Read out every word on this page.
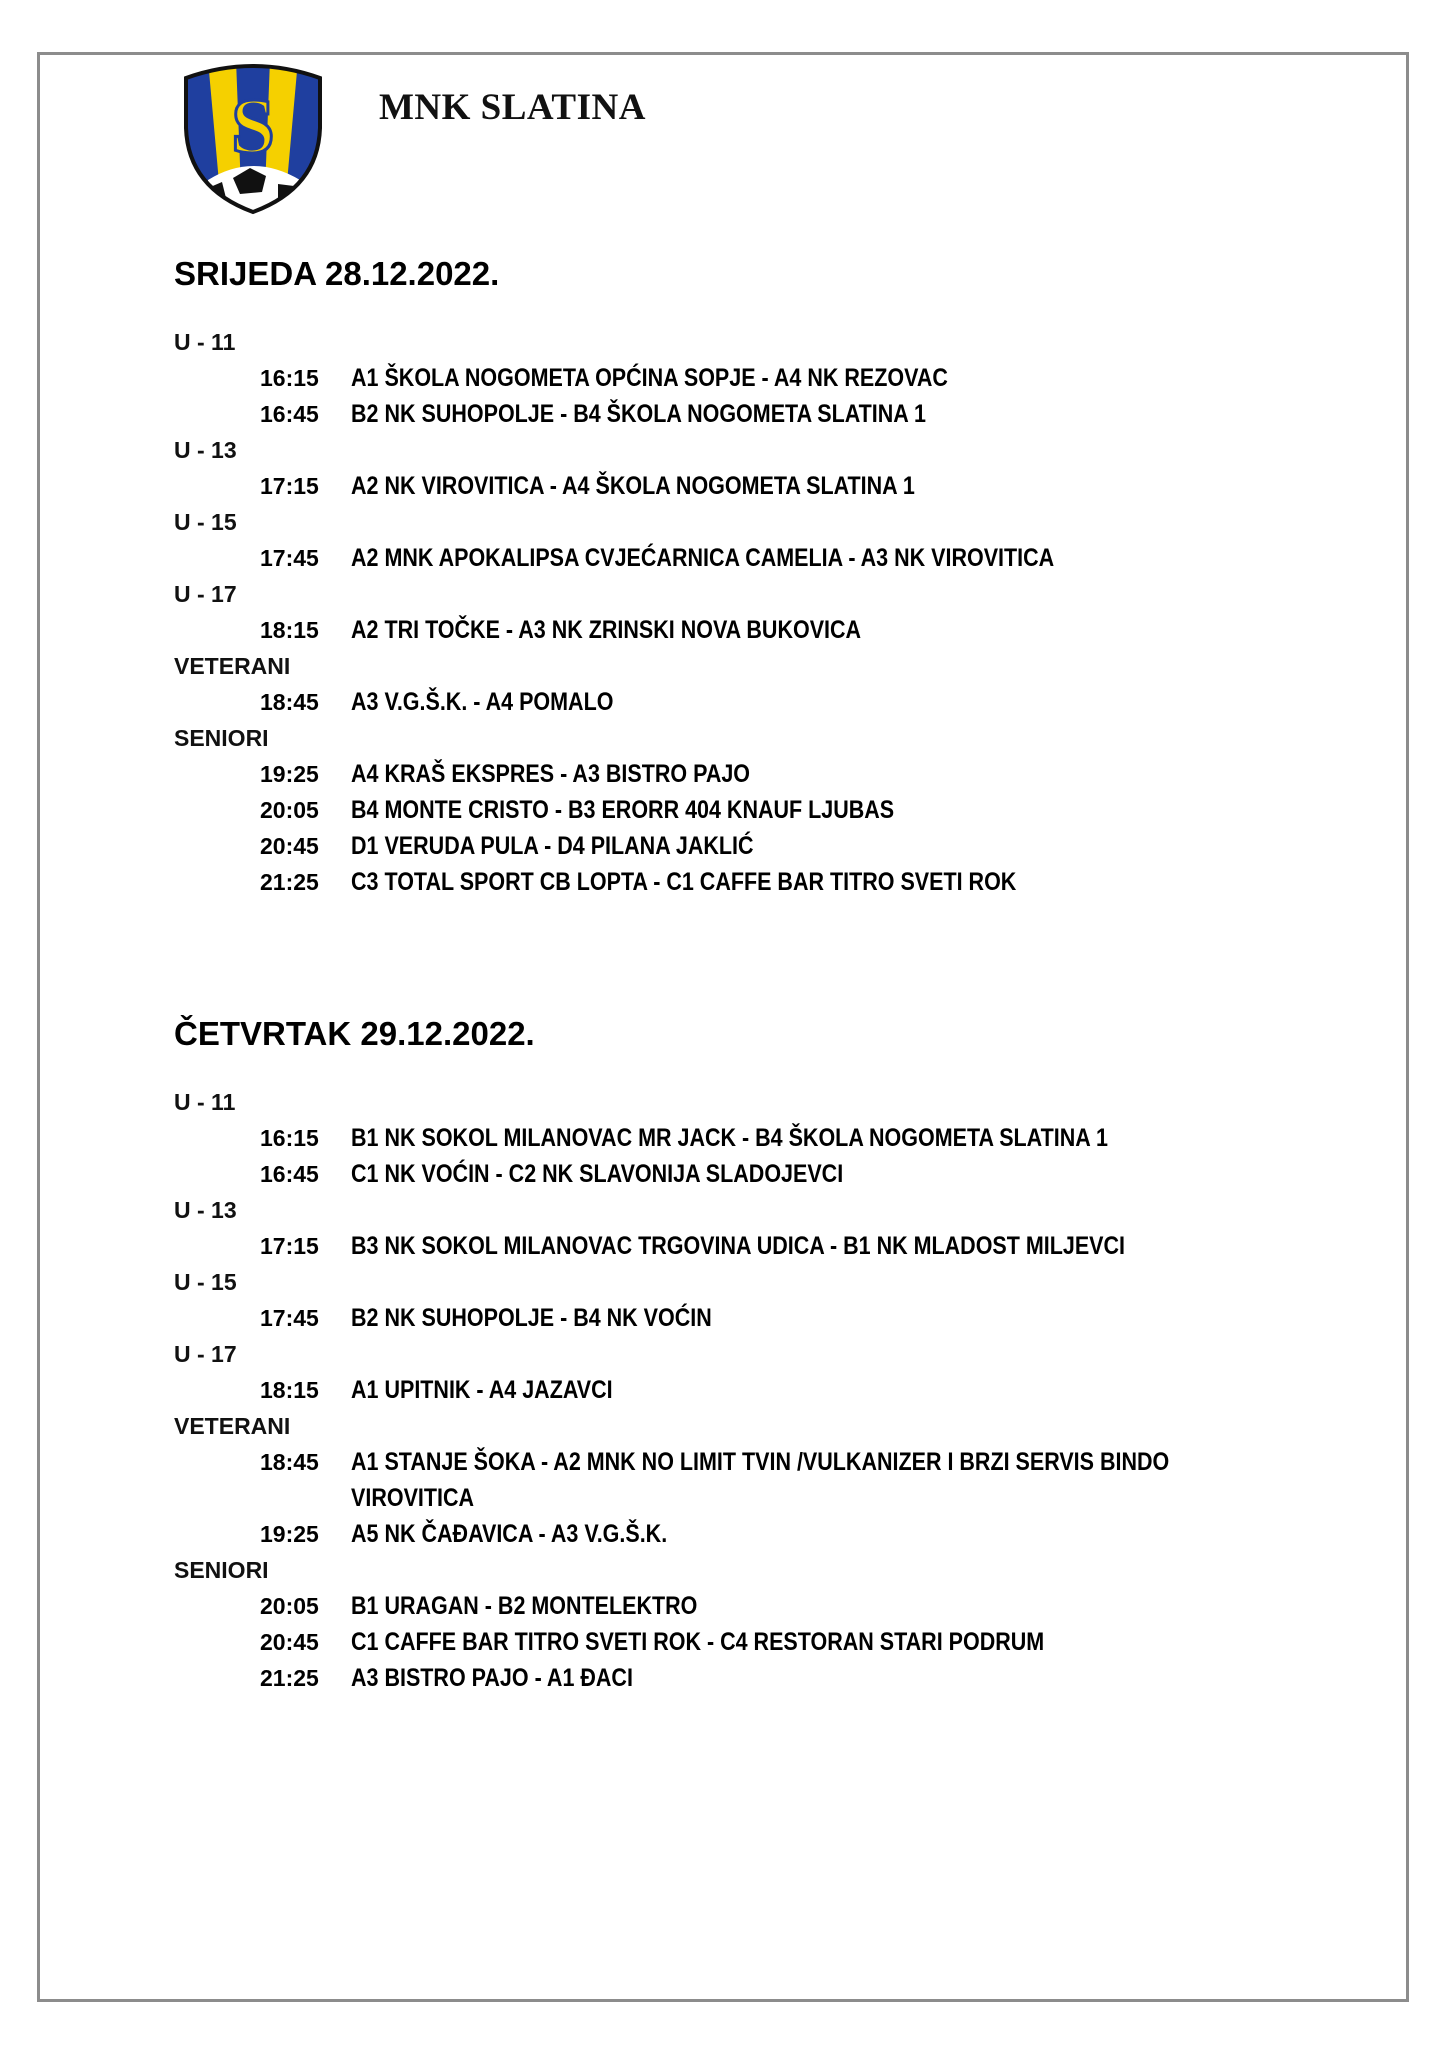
S	MNK SLATINA
SRIJEDA 28.12.2022.
U - 11
16:15	A1 ŠKOLA NOGOMETA OPĆINA SOPJE - A4 NK REZOVAC
16:45	B2 NK SUHOPOLJE - B4 ŠKOLA NOGOMETA SLATINA 1
U - 13
17:15	A2 NK VIROVITICA - A4 ŠKOLA NOGOMETA SLATINA 1
U - 15
17:45	A2 MNK APOKALIPSA CVJEĆARNICA CAMELIA - A3 NK VIROVITICA
U - 17
18:15	A2 TRI TOČKE - A3 NK ZRINSKI NOVA BUKOVICA
VETERANI
18:45	A3 V.G.Š.K. - A4 POMALO
SENIORI
19:25	A4 KRAŠ EKSPRES - A3 BISTRO PAJO
20:05	B4 MONTE CRISTO - B3 ERORR 404 KNAUF LJUBAS
20:45	D1 VERUDA PULA - D4 PILANA JAKLIĆ
21:25	C3 TOTAL SPORT CB LOPTA - C1 CAFFE BAR TITRO SVETI ROK
ČETVRTAK 29.12.2022.
U - 11
16:15	B1 NK SOKOL MILANOVAC MR JACK - B4 ŠKOLA NOGOMETA SLATINA 1
16:45	C1 NK VOĆIN - C2 NK SLAVONIJA SLADOJEVCI
U - 13
17:15	B3 NK SOKOL MILANOVAC TRGOVINA UDICA - B1 NK MLADOST MILJEVCI
U - 15
17:45	B2 NK SUHOPOLJE - B4 NK VOĆIN
U - 17
18:15	A1 UPITNIK - A4 JAZAVCI
VETERANI
18:45	A1 STANJE ŠOKA - A2 MNK NO LIMIT TVIN /VULKANIZER I BRZI SERVIS BINDO VIROVITICA
19:25	A5 NK ČAĐAVICA - A3 V.G.Š.K.
SENIORI
20:05	B1 URAGAN - B2 MONTELEKTRO
20:45	C1 CAFFE BAR TITRO SVETI ROK - C4 RESTORAN STARI PODRUM
21:25	A3 BISTRO PAJO - A1 ĐACI
